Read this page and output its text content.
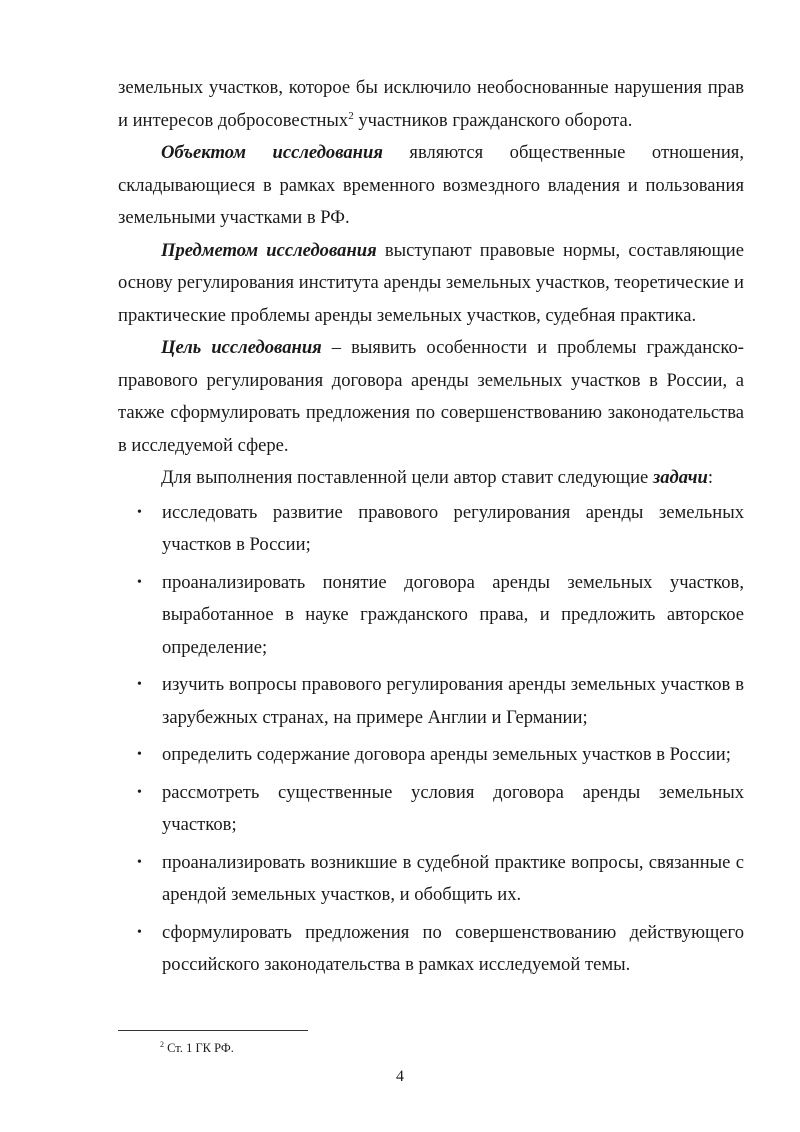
земельных участков, которое бы исключило необоснованные нарушения прав и интересов добросовестных$^2$ участников гражданского оборота.

Объектом исследования являются общественные отношения, складывающиеся в рамках временного возмездного владения и пользования земельными участками в РФ.

Предметом исследования выступают правовые нормы, составляющие основу регулирования института аренды земельных участков, теоретические и практические проблемы аренды земельных участков, судебная практика.

Цель исследования – выявить особенности и проблемы гражданско-правового регулирования договора аренды земельных участков в России, а также сформулировать предложения по совершенствованию законодательства в исследуемой сфере.

Для выполнения поставленной цели автор ставит следующие задачи:

• исследовать развитие правового регулирования аренды земельных участков в России;
• проанализировать понятие договора аренды земельных участков, выработанное в науке гражданского права, и предложить авторское определение;
• изучить вопросы правового регулирования аренды земельных участков в зарубежных странах, на примере Англии и Германии;
• определить содержание договора аренды земельных участков в России;
• рассмотреть существенные условия договора аренды земельных участков;
• проанализировать возникшие в судебной практике вопросы, связанные с арендой земельных участков, и обобщить их.
• сформулировать предложения по совершенствованию действующего российского законодательства в рамках исследуемой темы.
$^2$ Ст. 1 ГК РФ.
4
